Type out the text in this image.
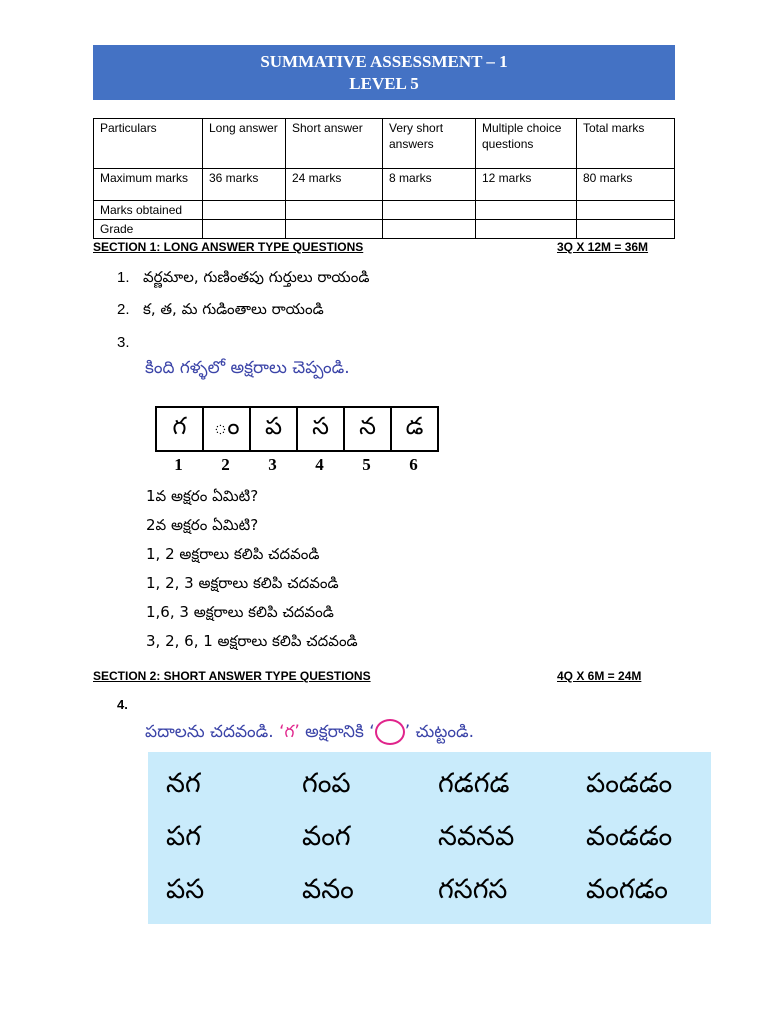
SUMMATIVE ASSESSMENT – 1
LEVEL 5
Particulars	Long answer	Short answer	Very short answers	Multiple choice questions	Total marks
Maximum marks	36 marks	24 marks	8 marks	12 marks	80 marks
Marks obtained					
Grade					
SECTION 1: LONG ANSWER TYPE QUESTIONS	3Q X 12M = 36M
1. వర్ణమాల, గుణింతపు గుర్తులు రాయండి
2. క, త, మ గుడింతాలు రాయండి
3.
కింది గళ్ళలో అక్షరాలు చెప్పండి.
గ	ం	ప	స	న	డ
1	2	3	4	5	6
1వ అక్షరం ఏమిటి?
2వ అక్షరం ఏమిటి?
1, 2 అక్షరాలు కలిపి చదవండి
1, 2, 3 అక్షరాలు కలిపి చదవండి
1,6, 3 అక్షరాలు కలిపి చదవండి
3, 2, 6, 1 అక్షరాలు కలిపి చదవండి
SECTION 2: SHORT ANSWER TYPE QUESTIONS	4Q X 6M = 24M
4.
పదాలను చదవండి. ‘గ’ అక్షరానికి ‘ ’ చుట్టండి.
నగ	గంప	గడగడ	పండడం
పగ	వంగ	నవనవ	వండడం
పస	వనం	గసగస	వంగడం
